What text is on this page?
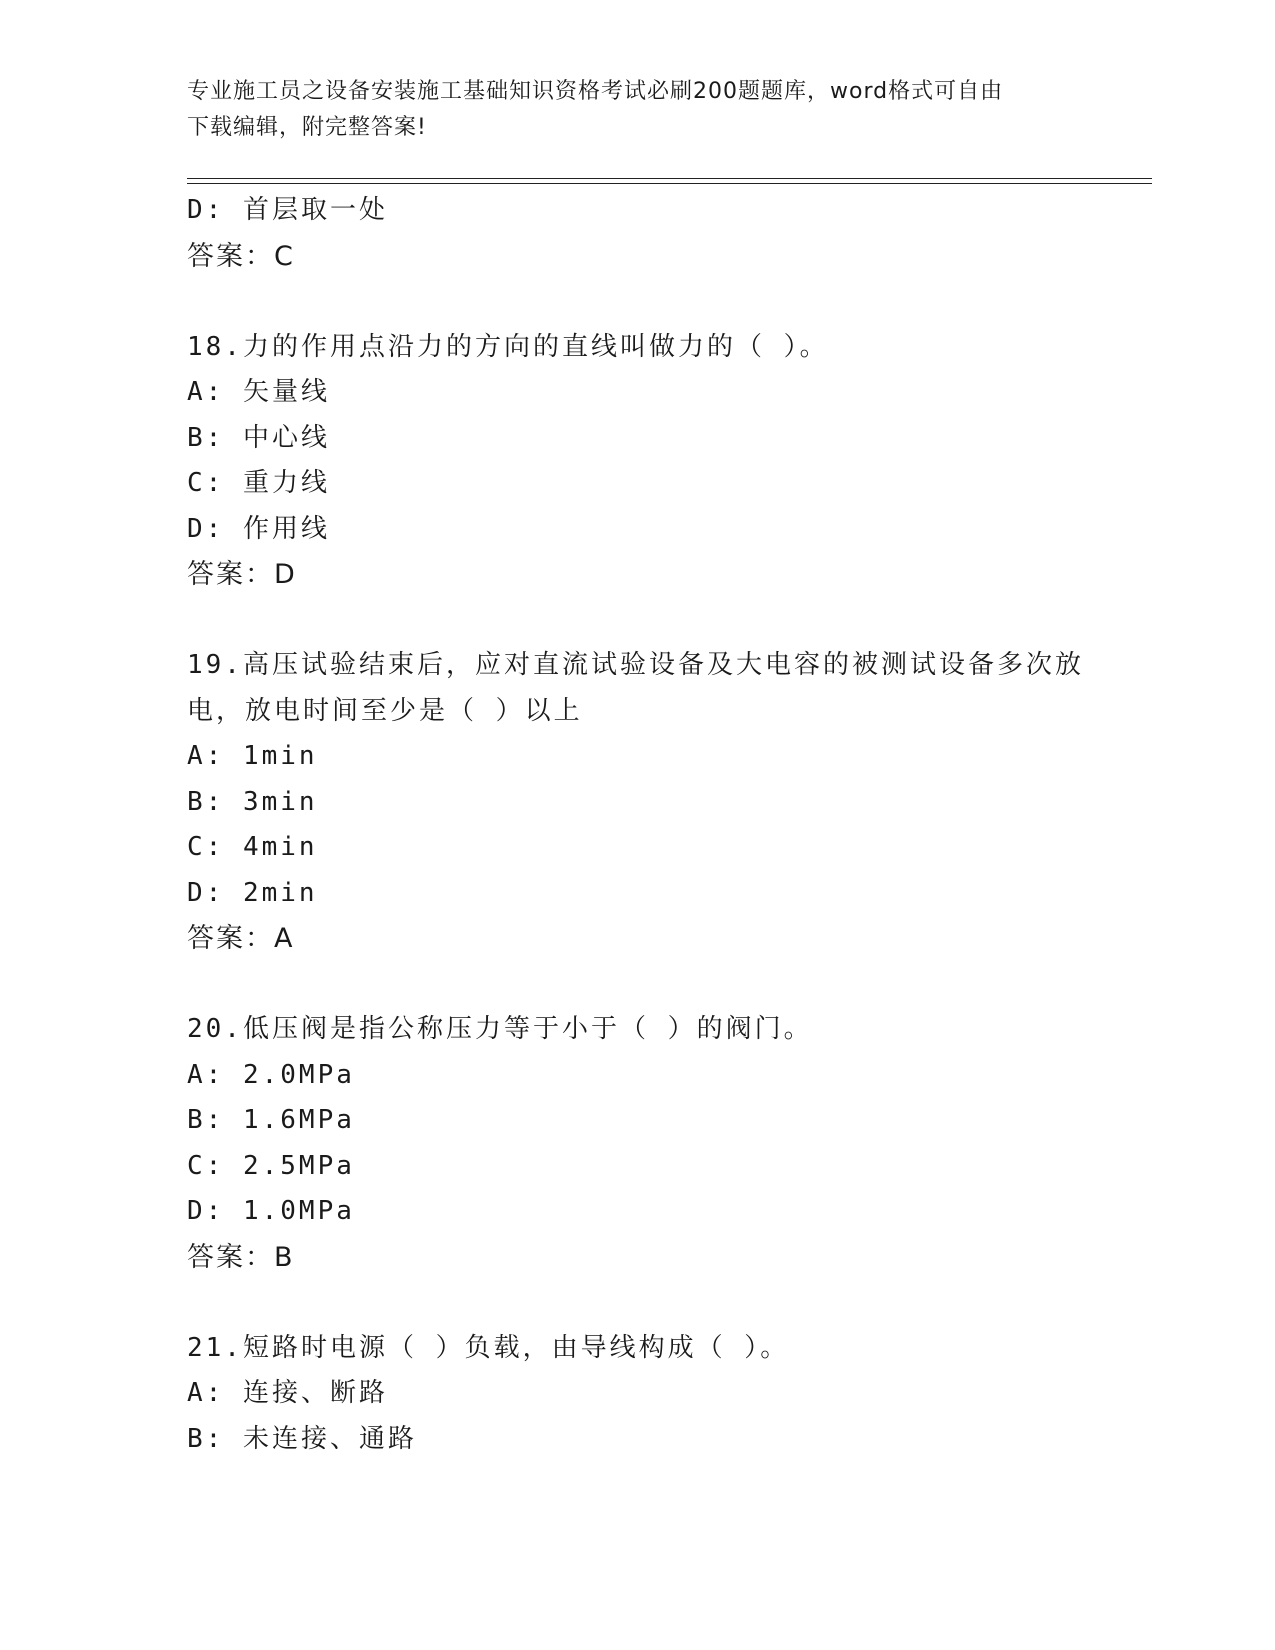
专业施工员之设备安装施工基础知识资格考试必刷200题题库，word格式可自由
下载编辑，附完整答案!
D: 首层取一处
答案：C
18.力的作用点沿力的方向的直线叫做力的（ ）。
A: 矢量线
B: 中心线
C: 重力线
D: 作用线
答案：D
19.高压试验结束后，应对直流试验设备及大电容的被测试设备多次放
电，放电时间至少是（ ）以上
A: 1min
B: 3min
C: 4min
D: 2min
答案：A
20.低压阀是指公称压力等于小于（ ）的阀门。
A: 2.0MPa
B: 1.6MPa
C: 2.5MPa
D: 1.0MPa
答案：B
21.短路时电源（ ）负载，由导线构成（ ）。
A: 连接、断路
B: 未连接、通路
